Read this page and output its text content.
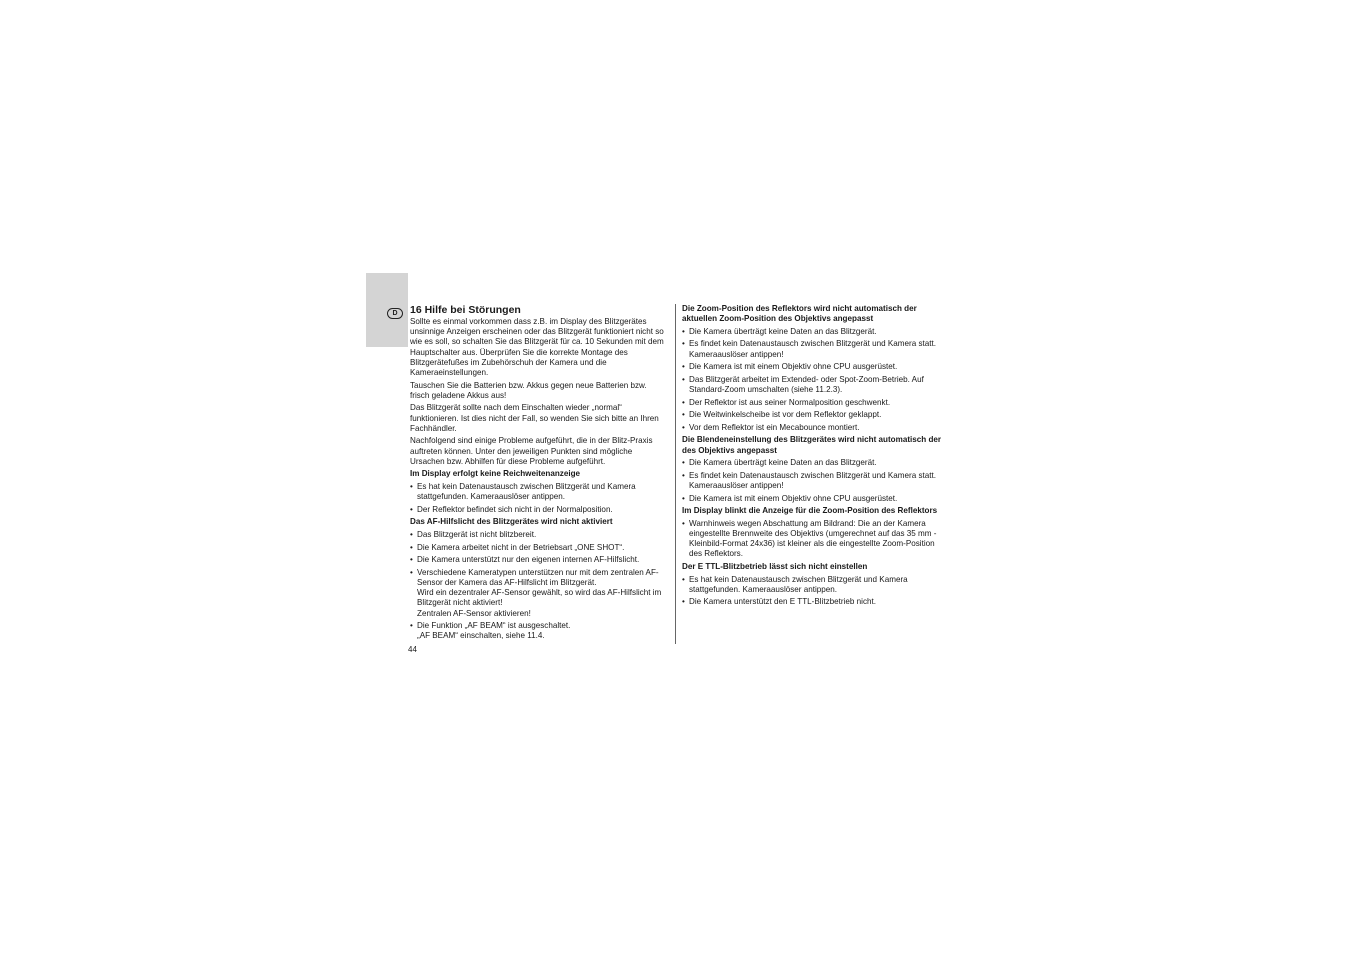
D	16 Hilfe bei Störungen

Sollte es einmal vorkommen dass z.B. im Display des Blitzgerätes unsinnige Anzeigen erscheinen oder das Blitzgerät funktioniert nicht so wie es soll, so schalten Sie das Blitzgerät für ca. 10 Sekunden mit dem Hauptschalter aus. Überprüfen Sie die korrekte Montage des Blitzgerätefußes im Zubehörschuh der Kamera und die Kameraeinstellungen.

Tauschen Sie die Batterien bzw. Akkus gegen neue Batterien bzw. frisch geladene Akkus aus!

Das Blitzgerät sollte nach dem Einschalten wieder „normal“ funktionieren. Ist dies nicht der Fall, so wenden Sie sich bitte an Ihren Fachhändler.

Nachfolgend sind einige Probleme aufgeführt, die in der Blitz-Praxis auftreten können. Unter den jeweiligen Punkten sind mögliche Ursachen bzw. Abhilfen für diese Probleme aufgeführt.

Im Display erfolgt keine Reichweitenanzeige
• Es hat kein Datenaustausch zwischen Blitzgerät und Kamera stattgefunden. Kameraauslöser antippen.
• Der Reflektor befindet sich nicht in der Normalposition.
Das AF-Hilfslicht des Blitzgerätes wird nicht aktiviert
• Das Blitzgerät ist nicht blitzbereit.
• Die Kamera arbeitet nicht in der Betriebsart „ONE SHOT“.
• Die Kamera unterstützt nur den eigenen internen AF-Hilfslicht.
• Verschiedene Kameratypen unterstützen nur mit dem zentralen AF-Sensor der Kamera das AF-Hilfslicht im Blitzgerät.
Wird ein dezentraler AF-Sensor gewählt, so wird das AF-Hilfslicht im Blitzgerät nicht aktiviert!
Zentralen AF-Sensor aktivieren!
• Die Funktion „AF BEAM“ ist ausgeschaltet.
„AF BEAM“ einschalten, siehe 11.4.
Die Zoom-Position des Reflektors wird nicht automatisch der aktuellen Zoom-Position des Objektivs angepasst
• Die Kamera überträgt keine Daten an das Blitzgerät.
• Es findet kein Datenaustausch zwischen Blitzgerät und Kamera statt. Kameraauslöser antippen!
• Die Kamera ist mit einem Objektiv ohne CPU ausgerüstet.
• Das Blitzgerät arbeitet im Extended- oder Spot-Zoom-Betrieb. Auf Standard-Zoom umschalten (siehe 11.2.3).
• Der Reflektor ist aus seiner Normalposition geschwenkt.
• Die Weitwinkelscheibe ist vor dem Reflektor geklappt.
• Vor dem Reflektor ist ein Mecabounce montiert.
Die Blendeneinstellung des Blitzgerätes wird nicht automatisch der des Objektivs angepasst
• Die Kamera überträgt keine Daten an das Blitzgerät.
• Es findet kein Datenaustausch zwischen Blitzgerät und Kamera statt. Kameraauslöser antippen!
• Die Kamera ist mit einem Objektiv ohne CPU ausgerüstet.
Im Display blinkt die Anzeige für die Zoom-Position des Reflektors
• Warnhinweis wegen Abschattung am Bildrand: Die an der Kamera eingestellte Brennweite des Objektivs (umgerechnet auf das 35 mm - Kleinbild-Format 24x36) ist kleiner als die eingestellte Zoom-Position des Reflektors.
Der E TTL-Blitzbetrieb lässt sich nicht einstellen
• Es hat kein Datenaustausch zwischen Blitzgerät und Kamera stattgefunden. Kameraauslöser antippen.
• Die Kamera unterstützt den E TTL-Blitzbetrieb nicht.
44
